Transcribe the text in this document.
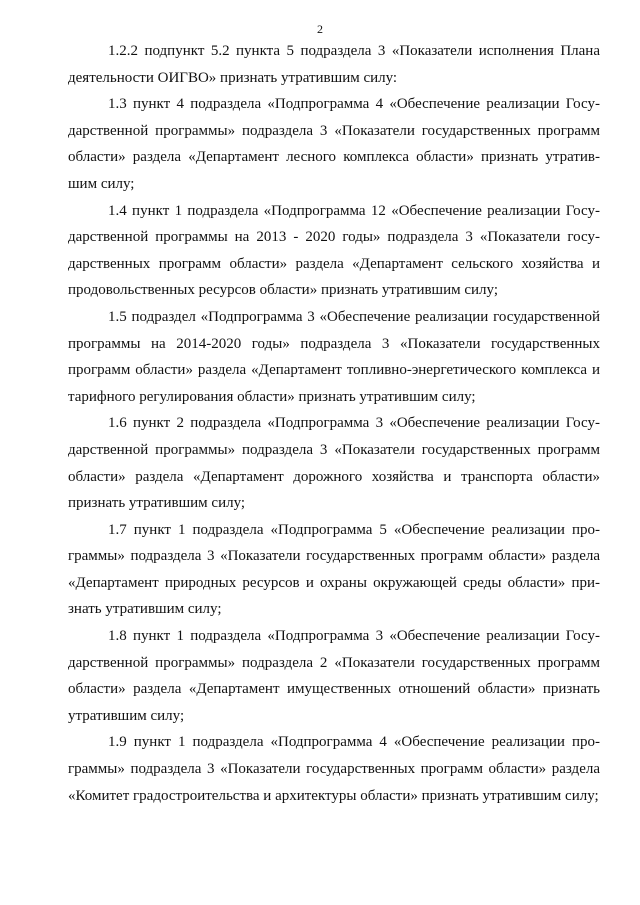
2

1.2.2 подпункт 5.2 пункта 5 подраздела 3 «Показатели исполнения Плана деятельности ОИГВО» признать утратившим силу:

1.3 пункт 4 подраздела «Подпрограмма 4 «Обеспечение реализации Государственной программы» подраздела 3 «Показатели государственных программ области» раздела «Департамент лесного комплекса области» признать утратившим силу;

1.4 пункт 1 подраздела «Подпрограмма 12 «Обеспечение реализации Государственной программы на 2013 - 2020 годы» подраздела 3 «Показатели государственных программ области» раздела «Департамент сельского хозяйства и продовольственных ресурсов области» признать утратившим силу;

1.5 подраздел «Подпрограмма 3 «Обеспечение реализации государственной программы на 2014-2020 годы» подраздела 3 «Показатели государственных программ области» раздела «Департамент топливно-энергетического комплекса и тарифного регулирования области» признать утратившим силу;

1.6 пункт 2 подраздела «Подпрограмма 3 «Обеспечение реализации Государственной программы» подраздела 3 «Показатели государственных программ области» раздела «Департамент дорожного хозяйства и транспорта области» признать утратившим силу;

1.7 пункт 1 подраздела «Подпрограмма 5 «Обеспечение реализации программы» подраздела 3 «Показатели государственных программ области» раздела «Департамент природных ресурсов и охраны окружающей среды области» признать утратившим силу;

1.8 пункт 1 подраздела «Подпрограмма 3 «Обеспечение реализации Государственной программы» подраздела 2 «Показатели государственных программ области» раздела «Департамент имущественных отношений области» признать утратившим силу;

1.9 пункт 1 подраздела «Подпрограмма 4 «Обеспечение реализации программы» подраздела 3 «Показатели государственных программ области» раздела «Комитет градостроительства и архитектуры области» признать утратившим силу;
